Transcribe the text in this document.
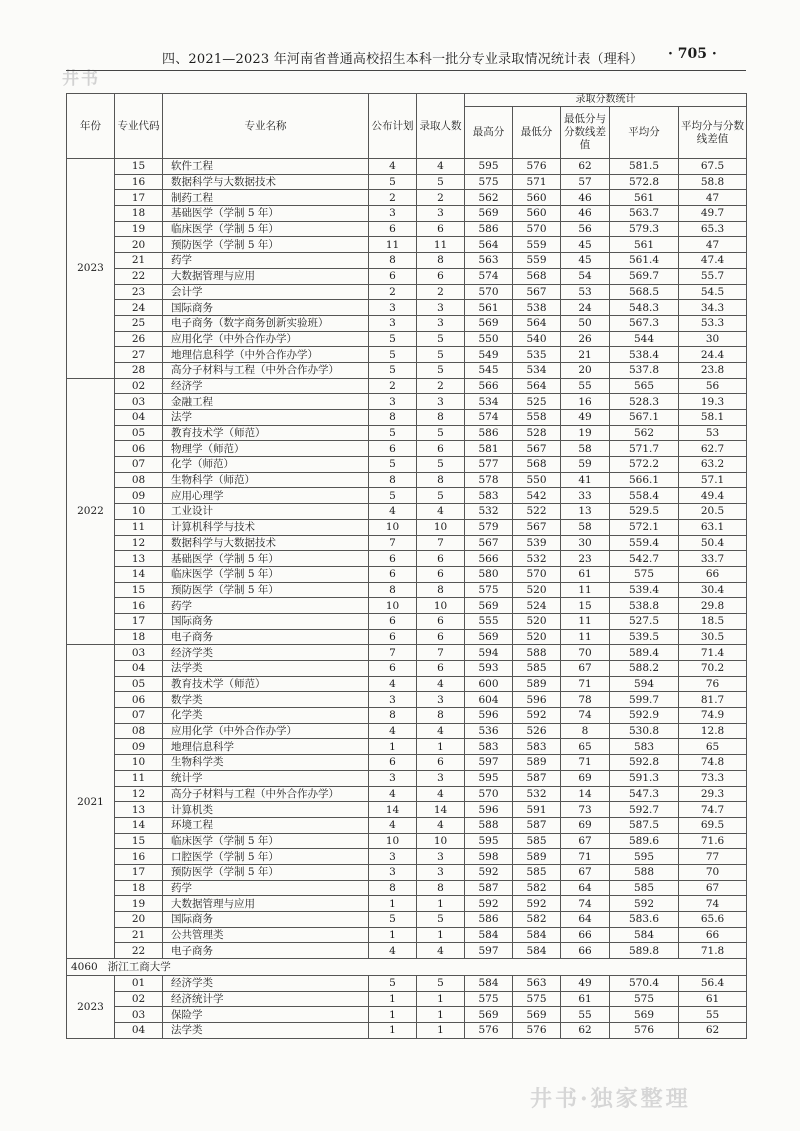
井书
四、2021—2023 年河南省普通高校招生本科一批分专业录取情况统计表（理科） · 705 ·
年份	专业代码	专业名称	公布计划	录取人数	录取分数统计				
					最高分	最低分	最低分与分数线差值	平均分	平均分与分数线差值
2023	15	软件工程	4	4	595	576	62	581.5	67.5
	16	数据科学与大数据技术	5	5	575	571	57	572.8	58.8
	17	制药工程	2	2	562	560	46	561	47
	18	基础医学（学制 5 年）	3	3	569	560	46	563.7	49.7
	19	临床医学（学制 5 年）	6	6	586	570	56	579.3	65.3
	20	预防医学（学制 5 年）	11	11	564	559	45	561	47
	21	药学	8	8	563	559	45	561.4	47.4
	22	大数据管理与应用	6	6	574	568	54	569.7	55.7
	23	会计学	2	2	570	567	53	568.5	54.5
	24	国际商务	3	3	561	538	24	548.3	34.3
	25	电子商务（数字商务创新实验班）	3	3	569	564	50	567.3	53.3
	26	应用化学（中外合作办学）	5	5	550	540	26	544	30
	27	地理信息科学（中外合作办学）	5	5	549	535	21	538.4	24.4
	28	高分子材料与工程（中外合作办学）	5	5	545	534	20	537.8	23.8
2022	02	经济学	2	2	566	564	55	565	56
	03	金融工程	3	3	534	525	16	528.3	19.3
	04	法学	8	8	574	558	49	567.1	58.1
	05	教育技术学（师范）	5	5	586	528	19	562	53
	06	物理学（师范）	6	6	581	567	58	571.7	62.7
	07	化学（师范）	5	5	577	568	59	572.2	63.2
	08	生物科学（师范）	8	8	578	550	41	566.1	57.1
	09	应用心理学	5	5	583	542	33	558.4	49.4
	10	工业设计	4	4	532	522	13	529.5	20.5
	11	计算机科学与技术	10	10	579	567	58	572.1	63.1
	12	数据科学与大数据技术	7	7	567	539	30	559.4	50.4
	13	基础医学（学制 5 年）	6	6	566	532	23	542.7	33.7
	14	临床医学（学制 5 年）	6	6	580	570	61	575	66
	15	预防医学（学制 5 年）	8	8	575	520	11	539.4	30.4
	16	药学	10	10	569	524	15	538.8	29.8
	17	国际商务	6	6	555	520	11	527.5	18.5
	18	电子商务	6	6	569	520	11	539.5	30.5
2021	03	经济学类	7	7	594	588	70	589.4	71.4
	04	法学类	6	6	593	585	67	588.2	70.2
	05	教育技术学（师范）	4	4	600	589	71	594	76
	06	数学类	3	3	604	596	78	599.7	81.7
	07	化学类	8	8	596	592	74	592.9	74.9
	08	应用化学（中外合作办学）	4	4	536	526	8	530.8	12.8
	09	地理信息科学	1	1	583	583	65	583	65
	10	生物科学类	6	6	597	589	71	592.8	74.8
	11	统计学	3	3	595	587	69	591.3	73.3
	12	高分子材料与工程（中外合作办学）	4	4	570	532	14	547.3	29.3
	13	计算机类	14	14	596	591	73	592.7	74.7
	14	环境工程	4	4	588	587	69	587.5	69.5
	15	临床医学（学制 5 年）	10	10	595	585	67	589.6	71.6
	16	口腔医学（学制 5 年）	3	3	598	589	71	595	77
	17	预防医学（学制 5 年）	3	3	592	585	67	588	70
	18	药学	8	8	587	582	64	585	67
	19	大数据管理与应用	1	1	592	592	74	592	74
	20	国际商务	5	5	586	582	64	583.6	65.6
	21	公共管理类	1	1	584	584	66	584	66
	22	电子商务	4	4	597	584	66	589.8	71.8
4060 浙江工商大学									
2023	01	经济学类	5	5	584	563	49	570.4	56.4
	02	经济统计学	1	1	575	575	61	575	61
	03	保险学	1	1	569	569	55	569	55
	04	法学类	1	1	576	576	62	576	62
井书·独家整理
